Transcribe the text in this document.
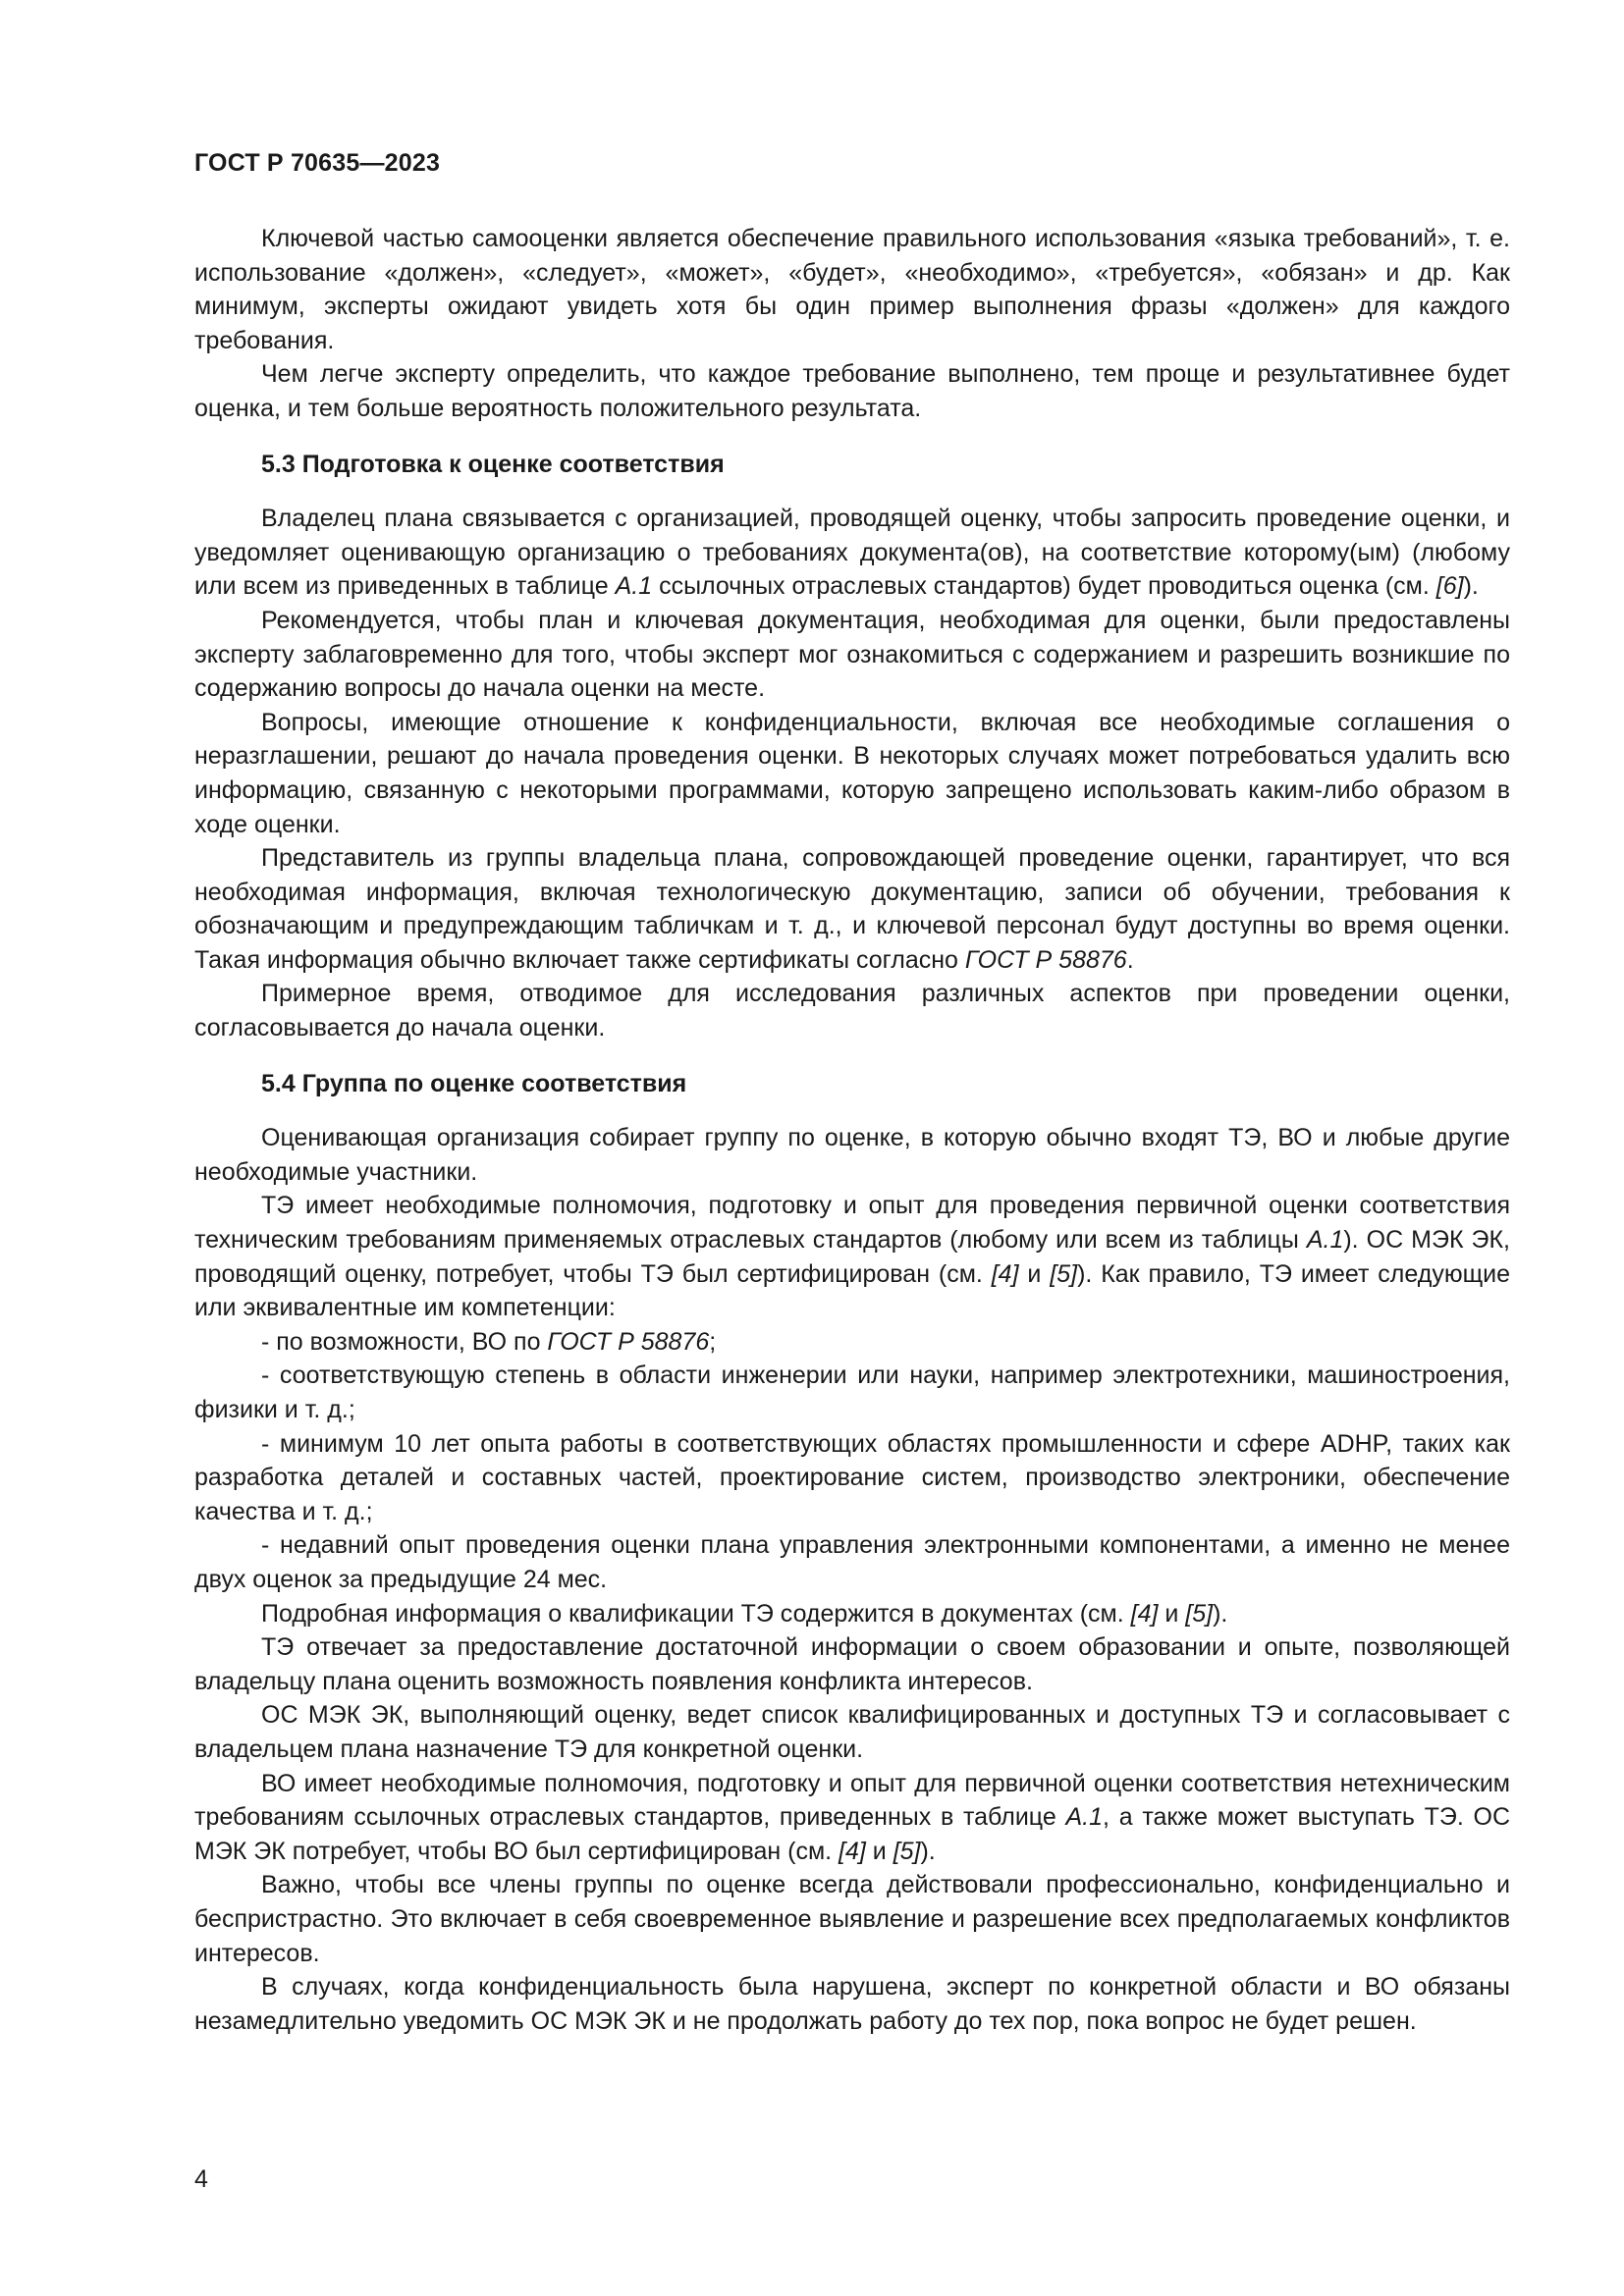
ГОСТ Р 70635—2023

Ключевой частью самооценки является обеспечение правильного использования «языка требований», т. е. использование «должен», «следует», «может», «будет», «необходимо», «требуется», «обязан» и др. Как минимум, эксперты ожидают увидеть хотя бы один пример выполнения фразы «должен» для каждого требования.

Чем легче эксперту определить, что каждое требование выполнено, тем проще и результативнее будет оценка, и тем больше вероятность положительного результата.

5.3 Подготовка к оценке соответствия

Владелец плана связывается с организацией, проводящей оценку, чтобы запросить проведение оценки, и уведомляет оценивающую организацию о требованиях документа(ов), на соответствие которому(ым) (любому или всем из приведенных в таблице А.1 ссылочных отраслевых стандартов) будет проводиться оценка (см. [6]).

Рекомендуется, чтобы план и ключевая документация, необходимая для оценки, были предоставлены эксперту заблаговременно для того, чтобы эксперт мог ознакомиться с содержанием и разрешить возникшие по содержанию вопросы до начала оценки на месте.

Вопросы, имеющие отношение к конфиденциальности, включая все необходимые соглашения о неразглашении, решают до начала проведения оценки. В некоторых случаях может потребоваться удалить всю информацию, связанную с некоторыми программами, которую запрещено использовать каким-либо образом в ходе оценки.

Представитель из группы владельца плана, сопровождающей проведение оценки, гарантирует, что вся необходимая информация, включая технологическую документацию, записи об обучении, требования к обозначающим и предупреждающим табличкам и т. д., и ключевой персонал будут доступны во время оценки. Такая информация обычно включает также сертификаты согласно ГОСТ Р 58876.

Примерное время, отводимое для исследования различных аспектов при проведении оценки, согласовывается до начала оценки.

5.4 Группа по оценке соответствия

Оценивающая организация собирает группу по оценке, в которую обычно входят ТЭ, ВО и любые другие необходимые участники.

ТЭ имеет необходимые полномочия, подготовку и опыт для проведения первичной оценки соответствия техническим требованиям применяемых отраслевых стандартов (любому или всем из таблицы А.1). ОС МЭК ЭК, проводящий оценку, потребует, чтобы ТЭ был сертифицирован (см. [4] и [5]). Как правило, ТЭ имеет следующие или эквивалентные им компетенции:

- по возможности, ВО по ГОСТ Р 58876;

- соответствующую степень в области инженерии или науки, например электротехники, машиностроения, физики и т. д.;

- минимум 10 лет опыта работы в соответствующих областях промышленности и сфере ADHP, таких как разработка деталей и составных частей, проектирование систем, производство электроники, обеспечение качества и т. д.;

- недавний опыт проведения оценки плана управления электронными компонентами, а именно не менее двух оценок за предыдущие 24 мес.

Подробная информация о квалификации ТЭ содержится в документах (см. [4] и [5]).

ТЭ отвечает за предоставление достаточной информации о своем образовании и опыте, позволяющей владельцу плана оценить возможность появления конфликта интересов.

ОС МЭК ЭК, выполняющий оценку, ведет список квалифицированных и доступных ТЭ и согласовывает с владельцем плана назначение ТЭ для конкретной оценки.

ВО имеет необходимые полномочия, подготовку и опыт для первичной оценки соответствия нетехническим требованиям ссылочных отраслевых стандартов, приведенных в таблице А.1, а также может выступать ТЭ. ОС МЭК ЭК потребует, чтобы ВО был сертифицирован (см. [4] и [5]).

Важно, чтобы все члены группы по оценке всегда действовали профессионально, конфиденциально и беспристрастно. Это включает в себя своевременное выявление и разрешение всех предполагаемых конфликтов интересов.

В случаях, когда конфиденциальность была нарушена, эксперт по конкретной области и ВО обязаны незамедлительно уведомить ОС МЭК ЭК и не продолжать работу до тех пор, пока вопрос не будет решен.

4
